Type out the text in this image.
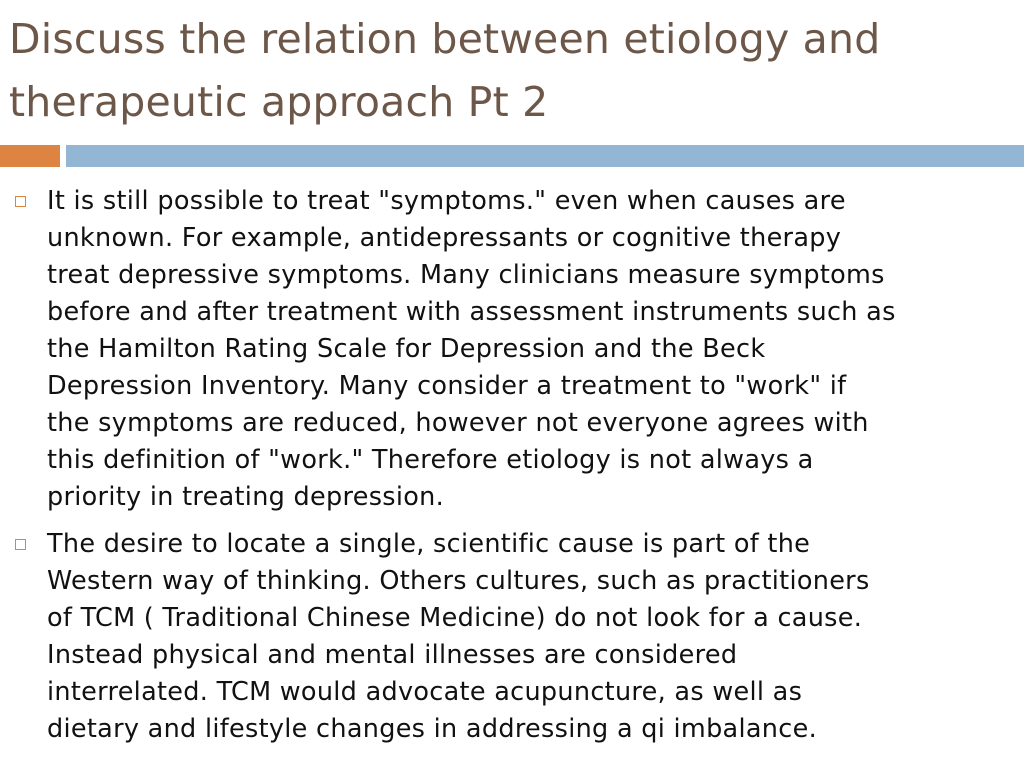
Discuss the relation between etiology and
therapeutic approach Pt 2
It is still possible to treat "symptoms." even when causes are
unknown. For example, antidepressants or cognitive therapy
treat depressive symptoms. Many clinicians measure symptoms
before and after treatment with assessment instruments such as
the Hamilton Rating Scale for Depression and the Beck
Depression Inventory. Many consider a treatment to "work" if
the symptoms are reduced, however not everyone agrees with
this definition of "work." Therefore etiology is not always a
priority in treating depression.
The desire to locate a single, scientific cause is part of the
Western way of thinking. Others cultures, such as practitioners
of TCM ( Traditional Chinese Medicine) do not look for a cause.
Instead physical and mental illnesses are considered
interrelated. TCM would advocate acupuncture, as well as
dietary and lifestyle changes in addressing a qi imbalance.
